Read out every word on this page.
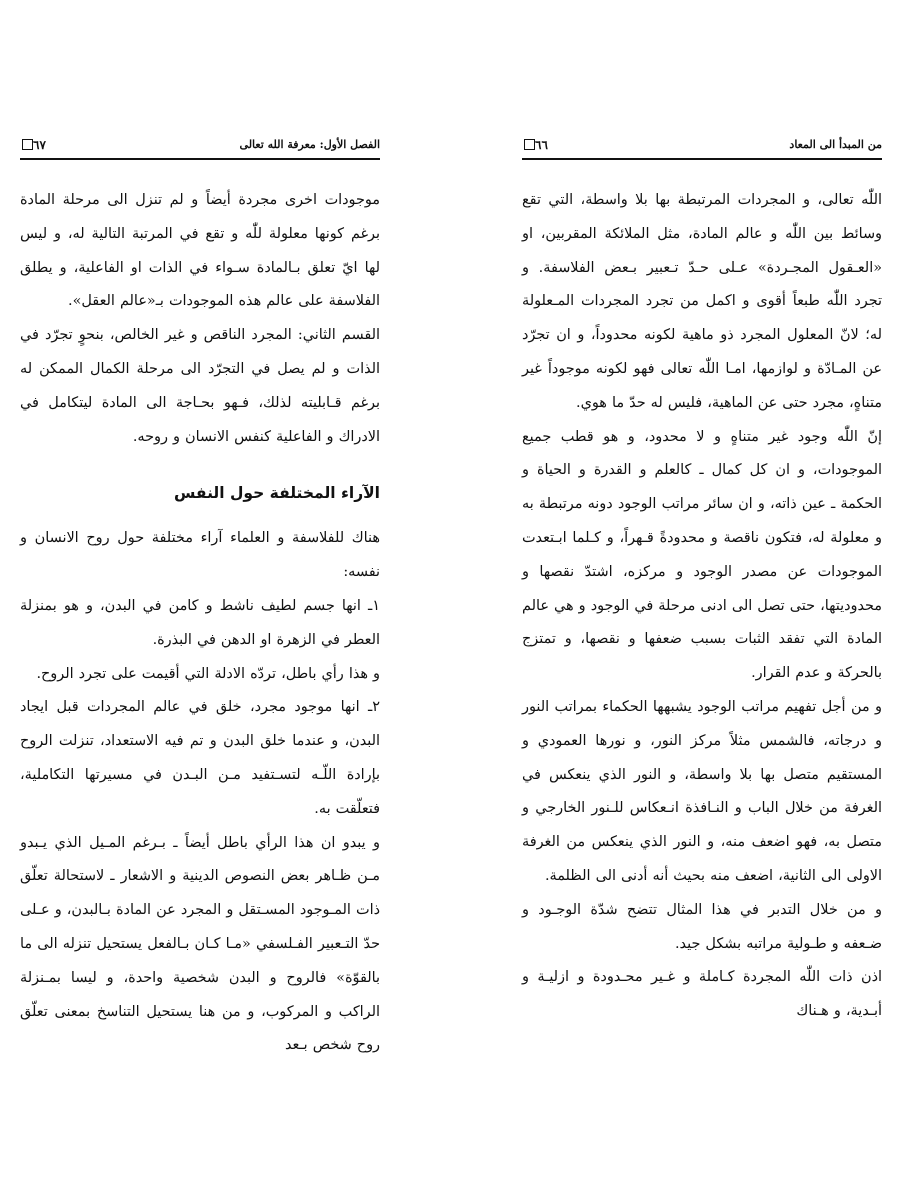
الفصل الأول: معرفة الله تعالى
٦٧

موجودات اخرى مجردة أيضاً و لم تنزل الى مرحلة المادة برغم كونها معلولة للّٰه و تقع في المرتبة التالية له، و ليس لها ايّ تعلق بـالمادة سـواء في الذات او الفاعلية، و يطلق الفلاسفة على عالم هذه الموجودات بـ«عالم العقل».

القسم الثاني: المجرد الناقص و غير الخالص، بنحوٍ تجرّد في الذات و لم يصل في التجرّد الى مرحلة الكمال الممكن له برغم قـابليته لذلك، فـهو بحـاجة الى المادة ليتكامل في الادراك و الفاعلية كنفس الانسان و روحه.

الآراء المختلفة حول النفس

هناك للفلاسفة و العلماء آراء مختلفة حول روح الانسان و نفسه:

١ـ انها جسم لطيف ناشط و كامن في البدن، و هو بمنزلة العطر في الزهرة او الدهن في البذرة.

و هذا رأي باطل، تردّه الادلة التي أقيمت على تجرد الروح.

٢ـ انها موجود مجرد، خلق في عالم المجردات قبل ايجاد البدن، و عندما خلق البدن و تم فيه الاستعداد، تنزلت الروح بإرادة اللّـه لتسـتفيد مـن البـدن في مسيرتها التكاملية، فتعلّقت به.

و يبدو ان هذا الرأي باطل أيضاً ـ بـرغم المـيل الذي يـبدو مـن ظـاهر بعض النصوص الدينية و الاشعار ـ لاستحالة تعلّق ذات المـوجود المسـتقل و المجرد عن المادة بـالبدن، و عـلى حدّ التـعبير الفـلسفي «مـا كـان بـالفعل يستحيل تنزله الى ما بالقوّة» فالروح و البدن شخصية واحدة، و ليسا بمـنزلة الراكب و المركوب، و من هنا يستحيل التناسخ بمعنى تعلّق روح شخص بـعد

من المبدأ الى المعاد
٦٦

اللّٰه تعالى، و المجردات المرتبطة بها بلا واسطة، التي تقع وسائط بين اللّٰه و عالم المادة، مثل الملائكة المقربين، او «العـقول المجـردة» عـلى حـدّ تـعبير بـعض الفلاسفة. و تجرد اللّٰه طبعاً أقوى و اكمل من تجرد المجردات المـعلولة له؛ لانّ المعلول المجرد ذو ماهية لكونه محدوداً، و ان تجرّد عن المـادّة و لوازمها، امـا اللّٰه تعالى فهو لكونه موجوداً غير متناهٍ، مجرد حتى عن الماهية، فليس له حدّ ما هوي.

إنّ اللّٰه وجود غير متناهٍ و لا محدود، و هو قطب جميع الموجودات، و ان كل كمال ـ كالعلم و القدرة و الحياة و الحكمة ـ عين ذاته، و ان سائر مراتب الوجود دونه مرتبطة به و معلولة له، فتكون ناقصة و محدودةً قـهراً، و كـلما ابـتعدت الموجودات عن مصدر الوجود و مركزه، اشتدّ نقصها و محدوديتها، حتى تصل الى ادنى مرحلة في الوجود و هي عالم المادة التي تفقد الثبات بسبب ضعفها و نقصها، و تمتزج بالحركة و عدم القرار.

و من أجل تفهيم مراتب الوجود يشبهها الحكماء بمراتب النور و درجاته، فالشمس مثلاً مركز النور، و نورها العمودي و المستقيم متصل بها بلا واسطة، و النور الذي ينعكس في الغرفة من خلال الباب و النـافذة انـعكاس للـنور الخارجي و متصل به، فهو اضعف منه، و النور الذي ينعكس من الغرفة الاولى الى الثانية، اضعف منه بحيث أنه أدنى الى الظلمة.

و من خلال التدبر في هذا المثال تتضح شدّة الوجـود و ضـعفه و طـولية مراتبه بشكل جيد.

اذن ذات اللّٰه المجردة كـاملة و غـير محـدودة و ازليـة و أبـدية، و هـناك
